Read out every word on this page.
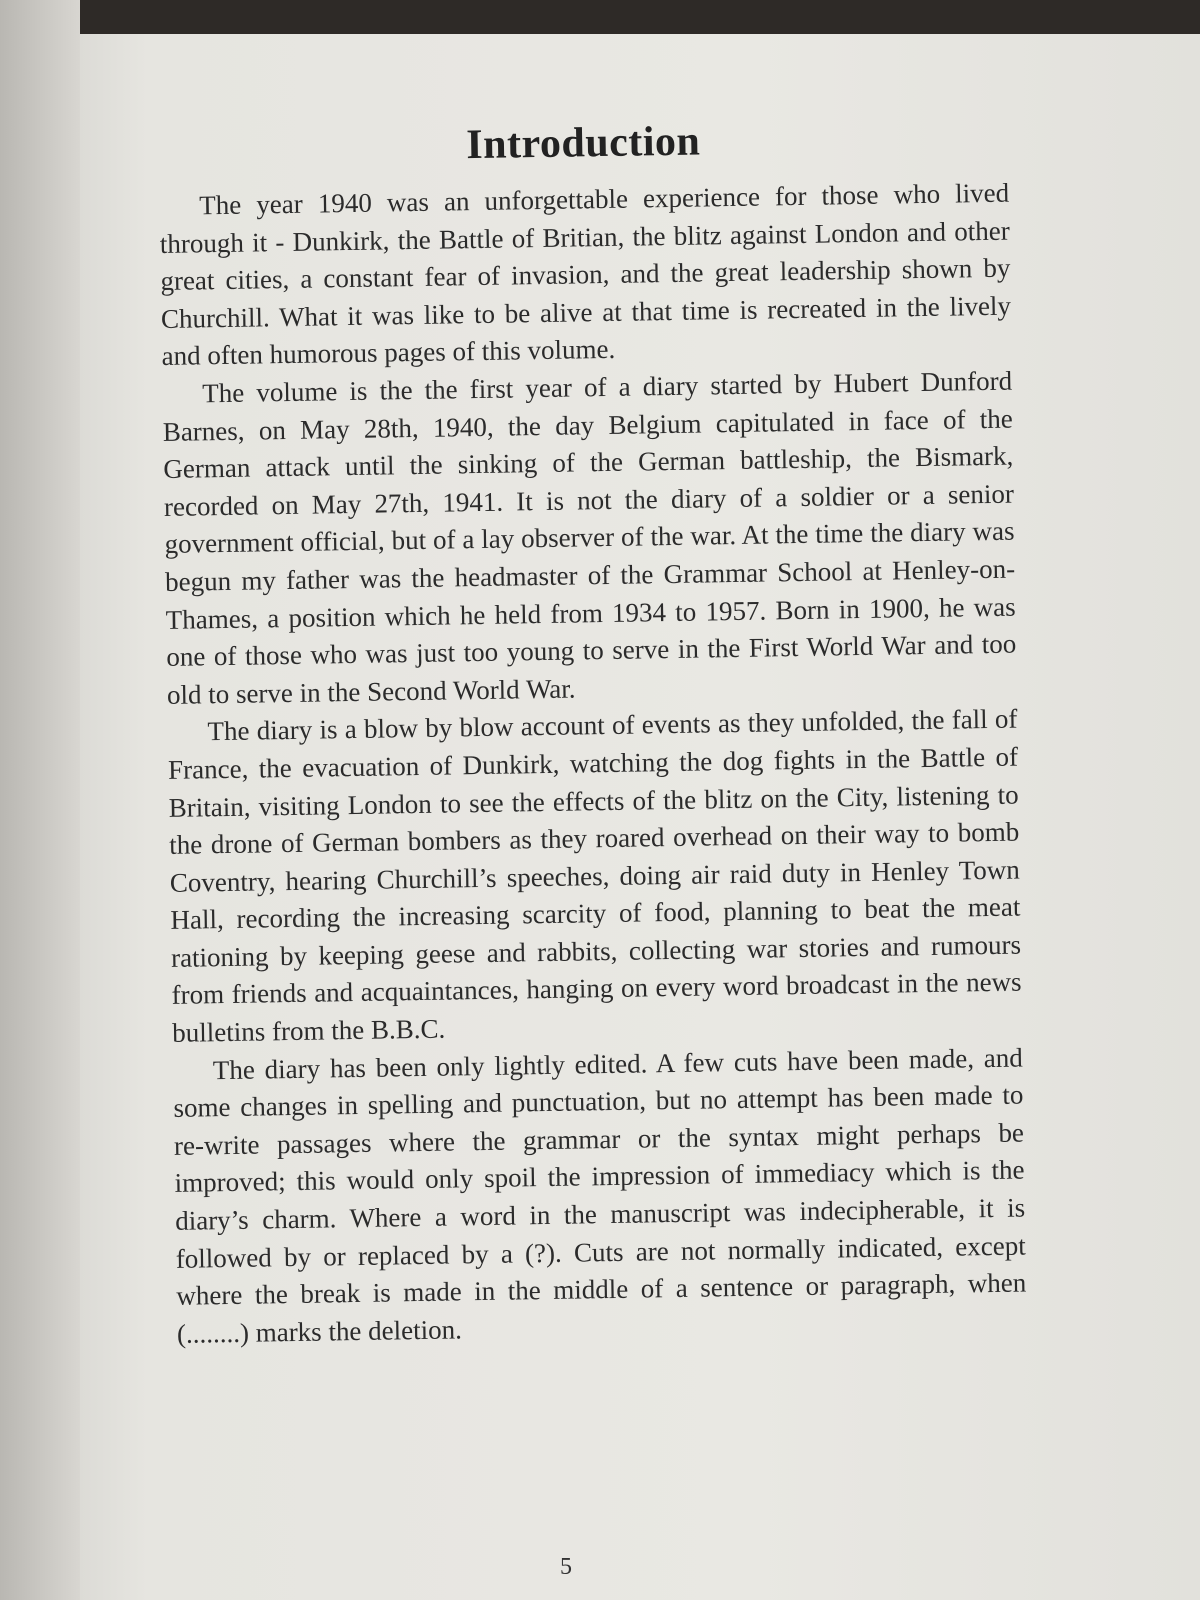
Introduction

The year 1940 was an unforgettable experience for those who lived through it - Dunkirk, the Battle of Britian, the blitz against London and other great cities, a constant fear of invasion, and the great leadership shown by Churchill. What it was like to be alive at that time is recreated in the lively and often humorous pages of this volume.

The volume is the the first year of a diary started by Hubert Dunford Barnes, on May 28th, 1940, the day Belgium capitulated in face of the German attack until the sinking of the German battleship, the Bismark, recorded on May 27th, 1941. It is not the diary of a soldier or a senior government official, but of a lay observer of the war. At the time the diary was begun my father was the headmaster of the Grammar School at Henley-on-Thames, a position which he held from 1934 to 1957. Born in 1900, he was one of those who was just too young to serve in the First World War and too old to serve in the Second World War.

The diary is a blow by blow account of events as they unfolded, the fall of France, the evacuation of Dunkirk, watching the dog fights in the Battle of Britain, visiting London to see the effects of the blitz on the City, listening to the drone of German bombers as they roared overhead on their way to bomb Coventry, hearing Churchill’s speeches, doing air raid duty in Henley Town Hall, recording the increasing scarcity of food, planning to beat the meat rationing by keeping geese and rabbits, collecting war stories and rumours from friends and acquaintances, hanging on every word broadcast in the news bulletins from the B.B.C.

The diary has been only lightly edited. A few cuts have been made, and some changes in spelling and punctuation, but no attempt has been made to re-write passages where the grammar or the syntax might perhaps be improved; this would only spoil the impression of immediacy which is the diary’s charm. Where a word in the manuscript was indecipherable, it is followed by or replaced by a (?). Cuts are not normally indicated, except where the break is made in the middle of a sentence or paragraph, when (........) marks the deletion.

5
